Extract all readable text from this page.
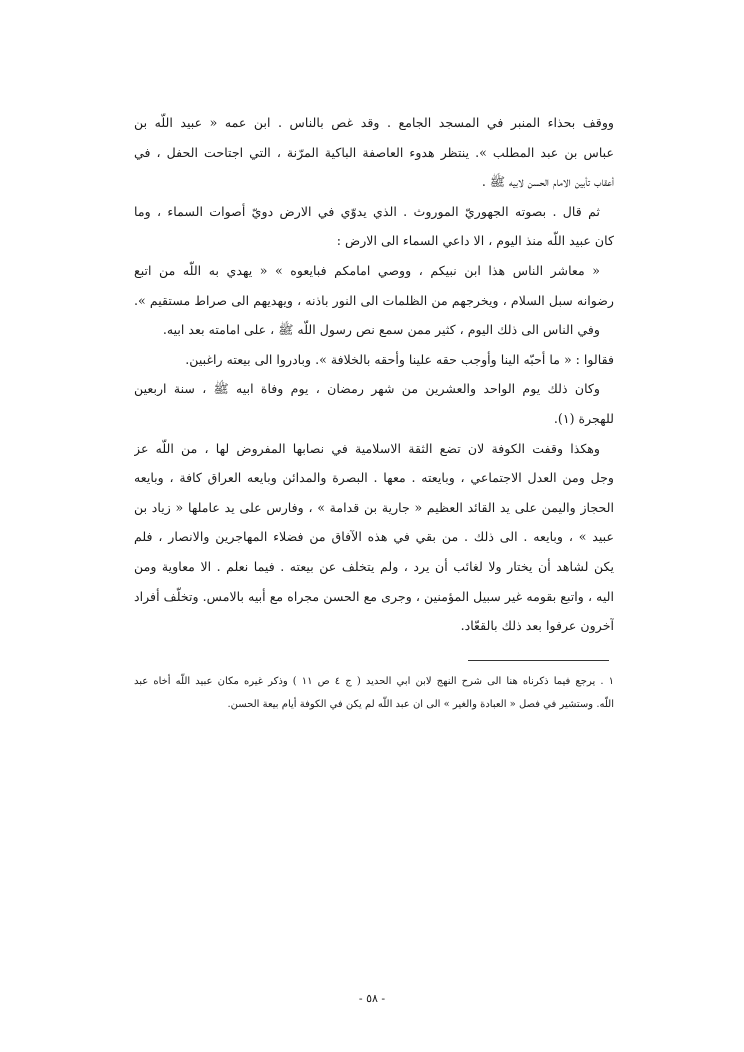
ووقف بحذاء المنبر في المسجد الجامع . وقد غص بالناس . ابن عمه « عبيد اللّه بن
عباس بن عبد المطلب ». ينتظر هدوء العاصفة الباكية المرّنة ، التي اجتاحت الحفل ، في
أعقاب تأبين الامام الحسن لابيه ﷺ .
ثم قال . بصوته الجهوريّ الموروث . الذي يدوّي في الارض دويّ أصوات السماء ، وما
كان عبيد اللّه منذ اليوم ، الا داعي السماء الى الارض :
« معاشر الناس هذا ابن نبيكم ، ووصي امامكم فبايعوه » « يهدي به اللّه من اتبع
رضوانه سبل السلام ، ويخرجهم من الظلمات الى النور باذنه ، ويهديهم الى صراط مستقيم ».
وفي الناس الى ذلك اليوم ، كثير ممن سمع نص رسول اللّه ﷺ ، على امامته بعد ابيه.
فقالوا : « ما أحبّه الينا وأوجب حقه علينا وأحقه بالخلافة ». وبادروا الى بيعته راغبين.
وكان ذلك يوم الواحد والعشرين من شهر رمضان ، يوم وفاة ابيه ﷺ ، سنة اربعين
للهجرة (١).
وهكذا وقفت الكوفة لان تضع الثقة الاسلامية في نصابها المفروض لها ، من اللّه عز
وجل ومن العدل الاجتماعي ، وبايعته . معها . البصرة والمدائن وبايعه العراق كافة ، وبايعه
الحجاز واليمن على يد القائد العظيم « جارية بن قدامة » ، وفارس على يد عاملها « زياد بن
عبيد » ، وبايعه . الى ذلك . من بقي في هذه الآفاق من فضلاء المهاجرين والانصار ، فلم
يكن لشاهد أن يختار ولا لغائب أن يرد ، ولم يتخلف عن بيعته . فيما نعلم . الا معاوية ومن
اليه ، واتبع بقومه غير سبيل المؤمنين ، وجرى مع الحسن مجراه مع أبيه بالامس. وتخلّف أفراد
آخرون عرفوا بعد ذلك بالقعّاد.
١ . يرجع فيما ذكرناه هنا الى شرح النهج لابن ابي الحديد ( ج ٤ ص ١١ ) وذكر غيره مكان عبيد اللّه أخاه عبد
اللّه. وستشير في فصل « العبادة والغير » الى ان عبد اللّه لم يكن في الكوفة أيام بيعة الحسن.
- ٥٨ -
